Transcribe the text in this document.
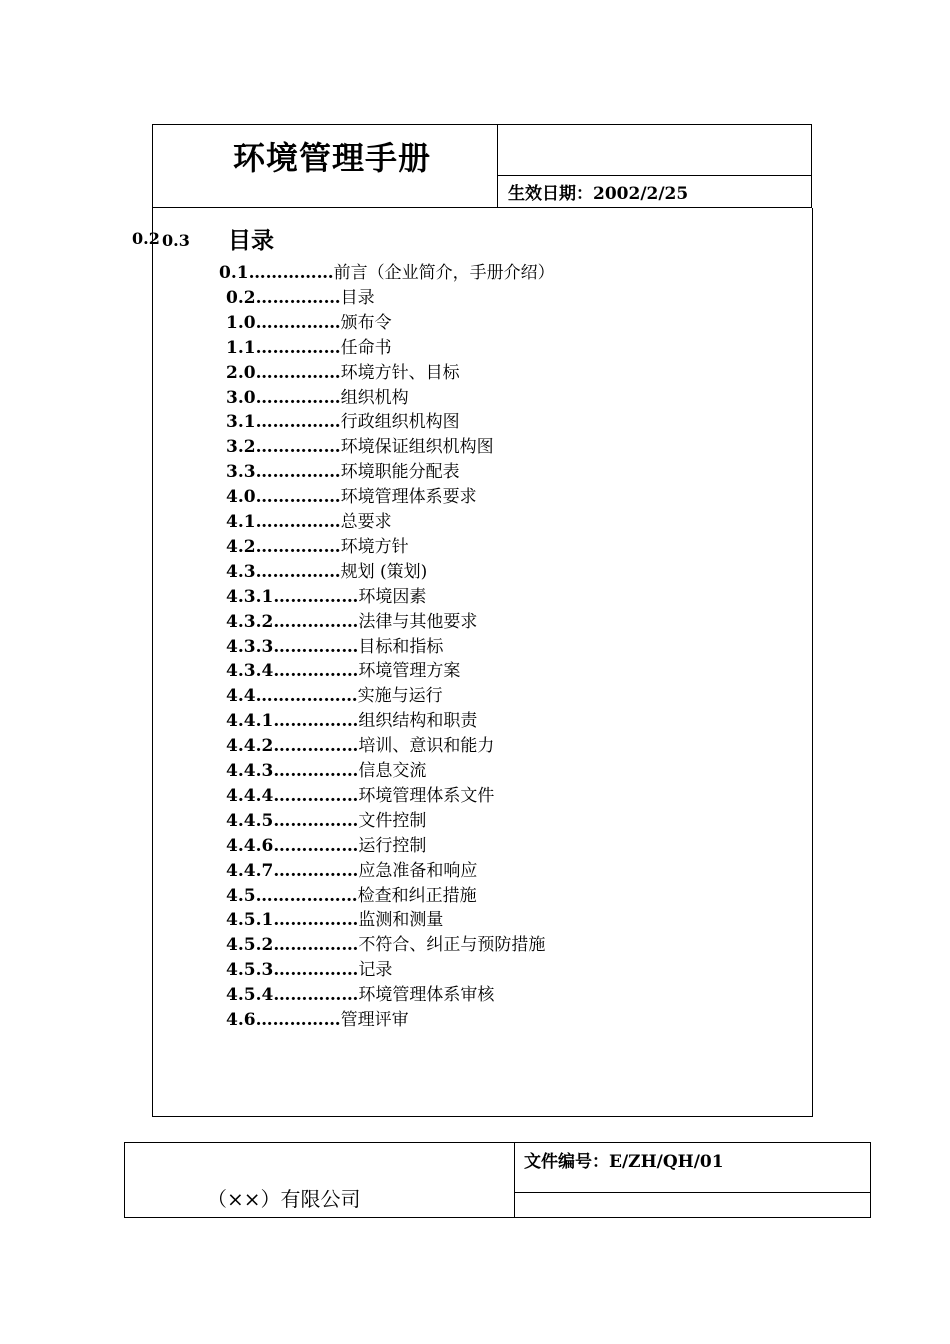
环境管理手册
生效日期：2002/2/25
0.2 0.3 目录
0.1……………前言（企业简介，手册介绍）
0.2……………目录
1.0……………颁布令
1.1……………任命书
2.0……………环境方针、目标
3.0……………组织机构
3.1……………行政组织机构图
3.2……………环境保证组织机构图
3.3……………环境职能分配表
4.0……………环境管理体系要求
4.1……………总要求
4.2……………环境方针
4.3……………规划 (策划)
4.3.1……………环境因素
4.3.2……………法律与其他要求
4.3.3……………目标和指标
4.3.4……………环境管理方案
4.4………………实施与运行
4.4.1……………组织结构和职责
4.4.2……………培训、意识和能力
4.4.3……………信息交流
4.4.4……………环境管理体系文件
4.4.5……………文件控制
4.4.6……………运行控制
4.4.7……………应急准备和响应
4.5………………检查和纠正措施
4.5.1……………监测和测量
4.5.2……………不符合、纠正与预防措施
4.5.3……………记录
4.5.4……………环境管理体系审核
4.6……………管理评审
（××）有限公司
文件编号：E/ZH/QH/01
